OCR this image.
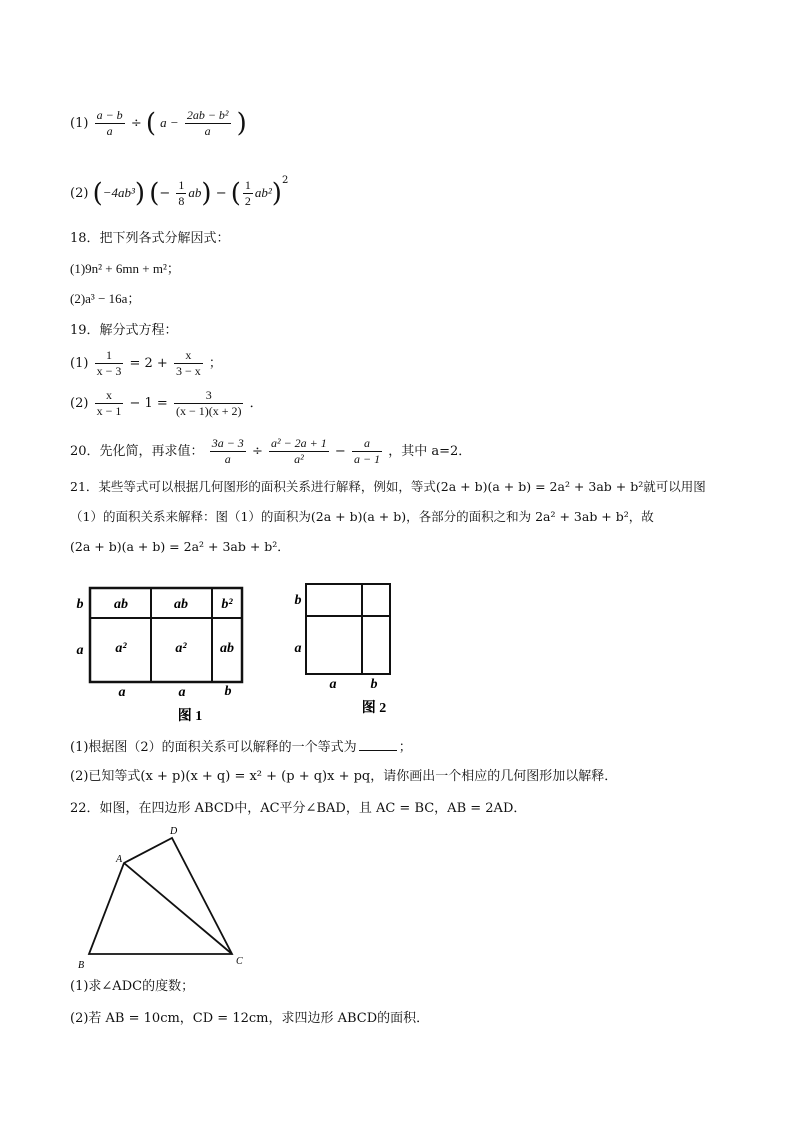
$(1) \frac{a - b}{a}$ ÷ ( $a - \frac{\text{2ab − b²}}{a}$ )
(2) (−4ab³) (− $\frac{1}{8} ab$) − ( $\frac{1}{2} ab^2)^2$
18．把下列各式分解因式：
(1)9n² + 6mn + m²；
(2)a³ − 16a；
19．解分式方程：
$(1) \frac{1}{x - 3} = 2 + \frac{x}{3 - x}$ ；
$(2) \frac{x}{x - 1} - 1 = \frac{3}{(x - 1)(x + 2)}$ ．
20．先化简，再求值： $\frac{3a - 3}{a} \div \frac{\text{a² − 2a + 1}}{\text{a²}} - \frac{a}{a - 1}$ ，其中 a=2．
21．某些等式可以根据几何图形的面积关系进行解释，例如，等式(2a + b)(a + b) = 2a² + 3ab + b²就可以用图
（1）的面积关系来解释：图（1）的面积为(2a + b)(a + b)，各部分的面积之和为 2a² + 3ab + b²，故
(2a + b)(a + b) = 2a² + 3ab + b²．
ab	ab b²
a²	a² ab
b
a
a	a	b
图 1
b
a
a b
图 2
(1)根据图（2）的面积关系可以解释的一个等式为	；
(2)已知等式(x + p)(x + q) = x² + (p + q)x + pq，请你画出一个相应的几何图形加以解释．
22．如图，在四边形 ABCD中，AC平分∠BAD，且 AC = BC，AB = 2AD．
A
B	C
D
(1)求∠ADC的度数；
(2)若 AB = 10cm，CD = 12cm，求四边形 ABCD的面积．
